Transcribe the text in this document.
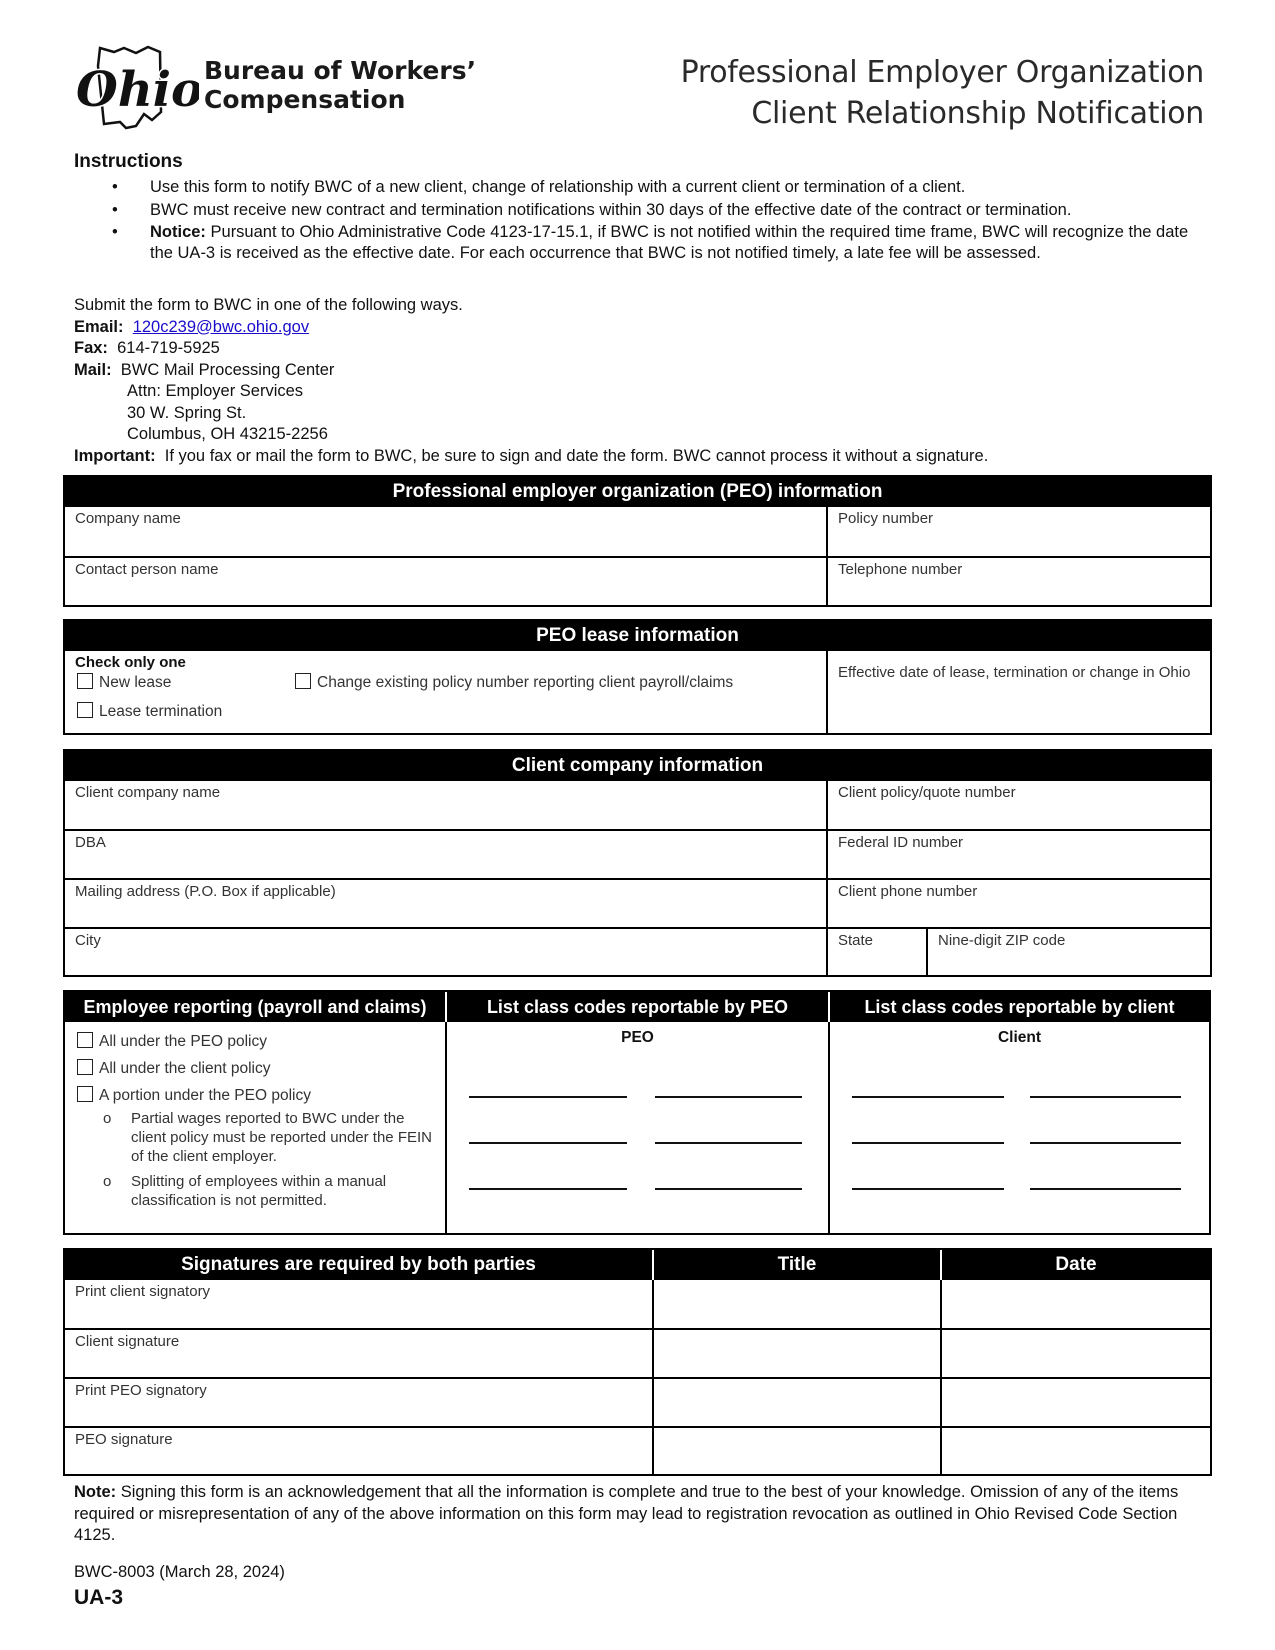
Ohio Bureau of Workers’
Compensation
Professional Employer Organization
Client Relationship Notification
Instructions
• Use this form to notify BWC of a new client, change of relationship with a current client or termination of a client.
• BWC must receive new contract and termination notifications within 30 days of the effective date of the contract or termination.
• Notice: Pursuant to Ohio Administrative Code 4123-17-15.1, if BWC is not notified within the required time frame, BWC will recognize the date the UA-3 is received as the effective date. For each occurrence that BWC is not notified timely, a late fee will be assessed.
Submit the form to BWC in one of the following ways.
Email: 120c239@bwc.ohio.gov
Fax: 614-719-5925
Mail: BWC Mail Processing Center
Attn: Employer Services
30 W. Spring St.
Columbus, OH 43215-2256
Important: If you fax or mail the form to BWC, be sure to sign and date the form. BWC cannot process it without a signature.
Professional employer organization (PEO) information
Company name	Policy number
Contact person name	Telephone number
PEO lease information
Check only one
New lease
Lease termination
Change existing policy number reporting client payroll/claims
Effective date of lease, termination or change in Ohio
Client company information
Client company name	Client policy/quote number
DBA	Federal ID number
Mailing address (P.O. Box if applicable)	Client phone number
City	State	Nine-digit ZIP code
Employee reporting (payroll and claims)	List class codes reportable by PEO	List class codes reportable by client
All under the PEO policy
All under the client policy
A portion under the PEO policy
o	Partial wages reported to BWC under the client policy must be reported under the FEIN of the client employer.
o	Splitting of employees within a manual classification is not permitted.
PEO	Client
Signatures are required by both parties	Title	Date
Print client signatory
Client signature
Print PEO signatory
PEO signature
Note: Signing this form is an acknowledgement that all the information is complete and true to the best of your knowledge. Omission of any of the items required or misrepresentation of any of the above information on this form may lead to registration revocation as outlined in Ohio Revised Code Section 4125.
BWC-8003 (March 28, 2024)
UA-3
